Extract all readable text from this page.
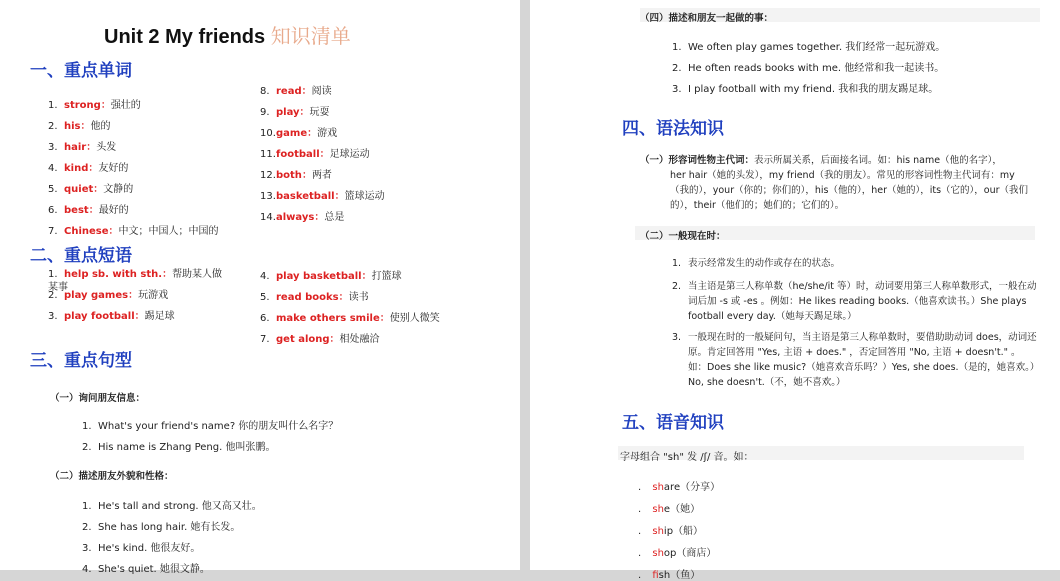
Unit 2 My friends 知识清单
一、重点单词
1. strong：强壮的
2. his：他的
3. hair：头发
4. kind：友好的
5. quiet：文静的
6. best：最好的
7. Chinese：中文；中国人；中国的
8. read：阅读
9. play：玩耍
10.game：游戏
11.football：足球运动
12.both：两者
13.basketball：篮球运动
14.always：总是
二、重点短语
1. help sb. with sth.：帮助某人做某事
2. play games：玩游戏
3. play football：踢足球
4. play basketball：打篮球
5. read books：读书
6. make others smile：使别人微笑
7. get along：相处融洽
三、重点句型
（一）询问朋友信息：
1. What's your friend's name? 你的朋友叫什么名字？
2. His name is Zhang Peng. 他叫张鹏。
（二）描述朋友外貌和性格：
1. He's tall and strong. 他又高又壮。
2. She has long hair. 她有长发。
3. He's kind. 他很友好。
4. She's quiet. 她很文静。
（四）描述和朋友一起做的事：
1. We often play games together. 我们经常一起玩游戏。
2. He often reads books with me. 他经常和我一起读书。
3. I play football with my friend. 我和我的朋友踢足球。
四、语法知识
（一）形容词性物主代词：表示所属关系，后面接名词。如：his name（他的名字），
her hair（她的头发），my friend（我的朋友）。常见的形容词性物主代词有：my（我的），your（你的；你们的），his（他的），her（她的），its（它的），our（我们的），their（他们的；她们的；它们的）。
（二）一般现在时：
1. 表示经常发生的动作或存在的状态。
2. 当主语是第三人称单数（he/she/it 等）时，动词要用第三人称单数形式，一般在动词后加 -s 或 -es 。例如：He likes reading books.（他喜欢读书。）She plays football every day.（她每天踢足球。）
3. 一般现在时的一般疑问句，当主语是第三人称单数时，要借助助动词 does，动词还原。肯定回答用 "Yes, 主语 + does." ，否定回答用 "No, 主语 + doesn't." 。如：Does she like music?（她喜欢音乐吗？）Yes, she does.（是的，她喜欢。）No, she doesn't.（不，她不喜欢。）
五、语音知识
字母组合 "sh" 发 /ʃ/ 音。如：
. share（分享）
. she（她）
. ship（船）
. shop（商店）
. fish（鱼）
